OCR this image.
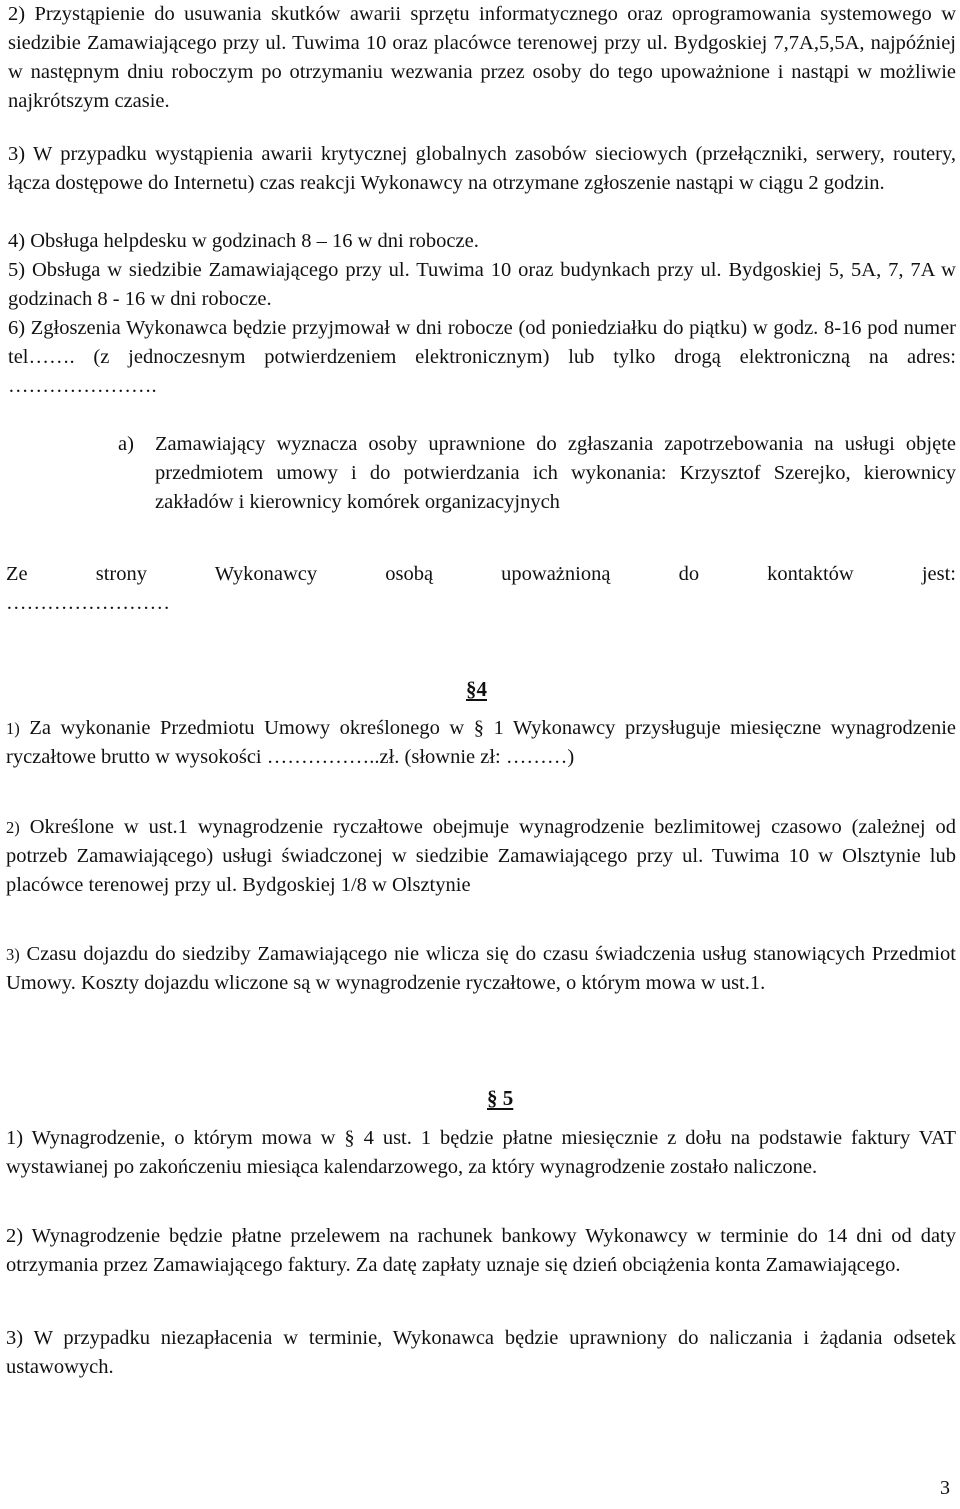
2) Przystąpienie do usuwania skutków awarii sprzętu informatycznego oraz oprogramowania systemowego w siedzibie Zamawiającego przy ul. Tuwima 10 oraz placówce terenowej przy ul. Bydgoskiej 7,7A,5,5A, najpóźniej w następnym dniu roboczym po otrzymaniu wezwania przez osoby do tego upoważnione i nastąpi w możliwie najkrótszym czasie.

3) W przypadku wystąpienia awarii krytycznej globalnych zasobów sieciowych (przełączniki, serwery, routery, łącza dostępowe do Internetu) czas reakcji Wykonawcy na otrzymane zgłoszenie nastąpi w ciągu 2 godzin.

4) Obsługa helpdesku w godzinach 8 – 16 w dni robocze.

5) Obsługa w siedzibie Zamawiającego przy ul. Tuwima 10 oraz budynkach przy ul. Bydgoskiej 5, 5A, 7, 7A w godzinach 8 - 16 w dni robocze.

6) Zgłoszenia Wykonawca będzie przyjmował w dni robocze (od poniedziałku do piątku) w godz. 8-16 pod numer tel……. (z jednoczesnym potwierdzeniem elektronicznym) lub tylko drogą elektroniczną na adres: ………………….

a) Zamawiający wyznacza osoby uprawnione do zgłaszania zapotrzebowania na usługi objęte przedmiotem umowy i do potwierdzania ich wykonania: Krzysztof Szerejko, kierownicy zakładów i kierownicy komórek organizacyjnych

Ze strony Wykonawcy osobą upoważnioną do kontaktów jest:

……………………

§4

1) Za wykonanie Przedmiotu Umowy określonego w § 1 Wykonawcy przysługuje miesięczne wynagrodzenie ryczałtowe brutto w wysokości ……………..zł. (słownie zł: ………)

2) Określone w ust.1 wynagrodzenie ryczałtowe obejmuje wynagrodzenie bezlimitowej czasowo (zależnej od potrzeb Zamawiającego) usługi świadczonej w siedzibie Zamawiającego przy ul. Tuwima 10 w Olsztynie lub placówce terenowej przy ul. Bydgoskiej 1/8 w Olsztynie

3) Czasu dojazdu do siedziby Zamawiającego nie wlicza się do czasu świadczenia usług stanowiących Przedmiot Umowy. Koszty dojazdu wliczone są w wynagrodzenie ryczałtowe, o którym mowa w ust.1.

§ 5

1) Wynagrodzenie, o którym mowa w § 4 ust. 1 będzie płatne miesięcznie z dołu na podstawie faktury VAT wystawianej po zakończeniu miesiąca kalendarzowego, za który wynagrodzenie zostało naliczone.

2) Wynagrodzenie będzie płatne przelewem na rachunek bankowy Wykonawcy w terminie do 14 dni od daty otrzymania przez Zamawiającego faktury. Za datę zapłaty uznaje się dzień obciążenia konta Zamawiającego.

3) W przypadku niezapłacenia w terminie, Wykonawca będzie uprawniony do naliczania i żądania odsetek ustawowych.

3
